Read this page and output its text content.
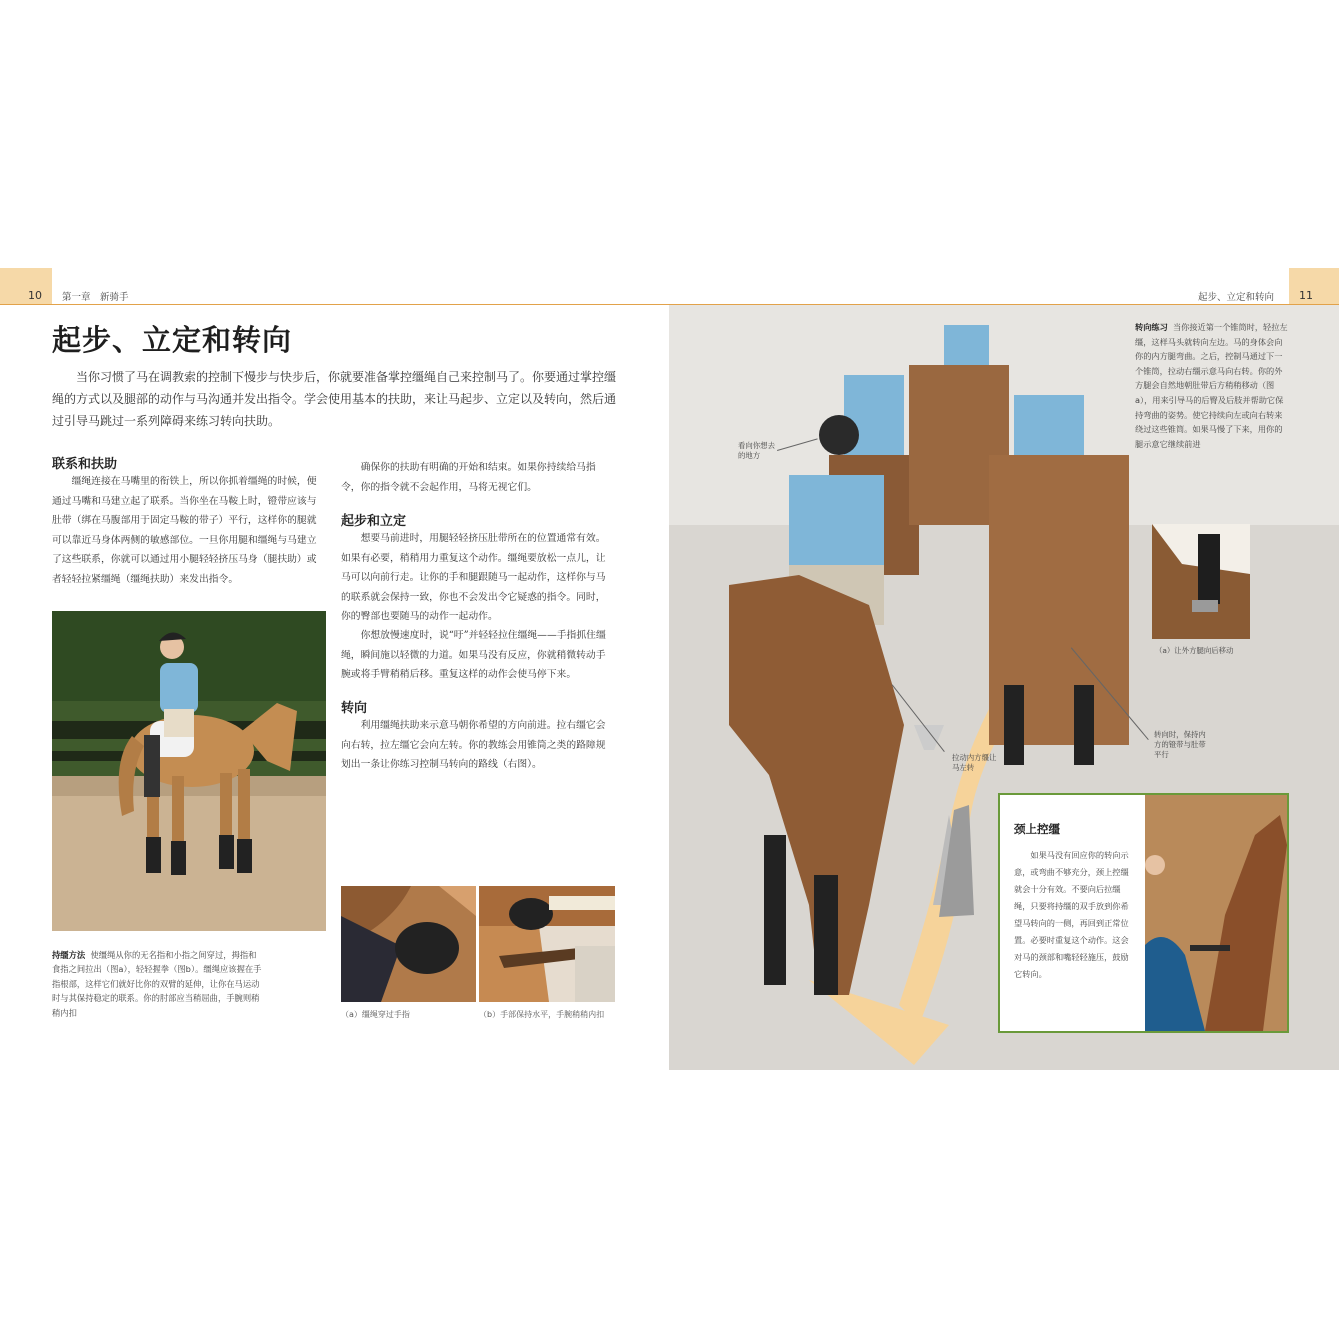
10 第一章　新骑手	起步、立定和转向 11
起步、立定和转向

当你习惯了马在调教索的控制下慢步与快步后，你就要准备掌控缰绳自己来控制马了。你要通过掌控缰绳的方式以及腿部的动作与马沟通并发出指令。学会使用基本的扶助，来让马起步、立定以及转向，然后通过引导马跳过一系列障碍来练习转向扶助。

联系和扶助

缰绳连接在马嘴里的衔铁上，所以你抓着缰绳的时候，便通过马嘴和马建立起了联系。当你坐在马鞍上时，镫带应该与肚带（绑在马腹部用于固定马鞍的带子）平行，这样你的腿就可以靠近马身体两侧的敏感部位。一旦你用腿和缰绳与马建立了这些联系，你就可以通过用小腿轻轻挤压马身（腿扶助）或者轻轻拉紧缰绳（缰绳扶助）来发出指令。

确保你的扶助有明确的开始和结束。如果你持续给马指令，你的指令就不会起作用，马将无视它们。

起步和立定

想要马前进时，用腿轻轻挤压肚带所在的位置通常有效。如果有必要，稍稍用力重复这个动作。缰绳要放松一点儿，让马可以向前行走。让你的手和腿跟随马一起动作，这样你与马的联系就会保持一致，你也不会发出令它疑惑的指令。同时，你的臀部也要随马的动作一起动作。

你想放慢速度时，说“吁”并轻轻拉住缰绳——手指抓住缰绳，瞬间施以轻微的力道。如果马没有反应，你就稍微转动手腕或将手臂稍稍后移。重复这样的动作会使马停下来。

转向

利用缰绳扶助来示意马朝你希望的方向前进。拉右缰它会向右转，拉左缰它会向左转。你的教练会用锥筒之类的路障规划出一条让你练习控制马转向的路线（右图）。

持缰方法 使缰绳从你的无名指和小指之间穿过，拇指和食指之间拉出（图a），轻轻握拳（图b）。缰绳应该握在手指根部，这样它们就好比你的双臂的延伸，让你在马运动时与其保持稳定的联系。你的肘部应当稍屈曲，手腕则稍稍内扣	（a）缰绳穿过手指	（b）手部保持水平，手腕稍稍内扣

转向练习 当你接近第一个锥筒时，轻拉左缰，这样马头就转向左边。马的身体会向你的内方腿弯曲。之后，控制马通过下一个锥筒，拉动右缰示意马向右转。你的外方腿会自然地朝肚带后方稍稍移动（图a），用来引导马的后臀及后肢并帮助它保持弯曲的姿势。使它持续向左或向右转来绕过这些锥筒。如果马慢了下来，用你的腿示意它继续前进

（a）让外方腿向后移动

看向你想去的地方

拉动内方缰让马左转

转向时，保持内方的镫带与肚带平行

颈上控缰

如果马没有回应你的转向示意，或弯曲不够充分，颈上控缰就会十分有效。不要向后拉缰绳，只要将持缰的双手放到你希望马转向的一侧，再回到正常位置。必要时重复这个动作。这会对马的颈部和嘴轻轻施压，鼓励它转向。
